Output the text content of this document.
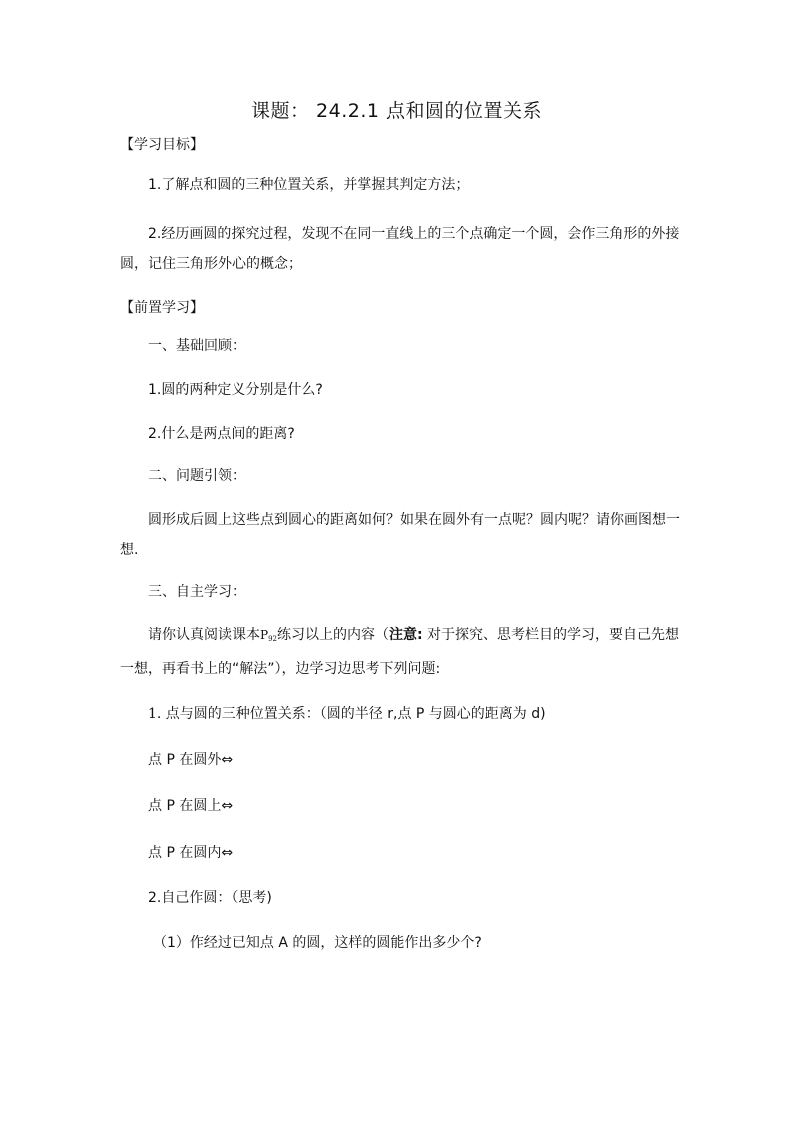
课题： 24.2.1 点和圆的位置关系
【学习目标】
1.了解点和圆的三种位置关系，并掌握其判定方法；
2.经历画圆的探究过程，发现不在同一直线上的三个点确定一个圆，会作三角形的外接圆，记住三角形外心的概念；
【前置学习】
一、基础回顾：
1.圆的两种定义分别是什么?
2.什么是两点间的距离?
二、问题引领：
圆形成后圆上这些点到圆心的距离如何？如果在圆外有一点呢？圆内呢？请你画图想一想.
三、自主学习：
请你认真阅读课本P92练习以上的内容（注意: 对于探究、思考栏目的学习，要自己先想一想，再看书上的“解法”），边学习边思考下列问题:
1. 点与圆的三种位置关系：（圆的半径 r,点 P 与圆心的距离为 d)
点 P 在圆外⇔
点 P 在圆上⇔
点 P 在圆内⇔
2.自己作圆：（思考)
（1）作经过已知点 A 的圆，这样的圆能作出多少个?
